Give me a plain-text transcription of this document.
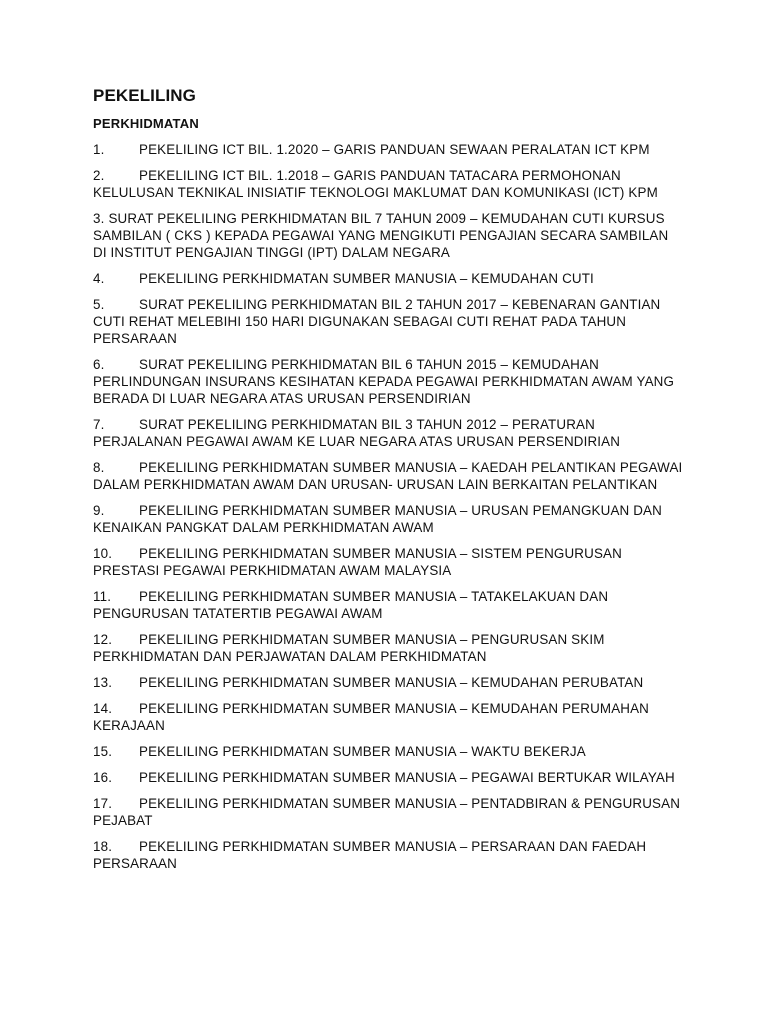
PEKELILING
PERKHIDMATAN
1.	PEKELILING ICT BIL. 1.2020 – GARIS PANDUAN SEWAAN PERALATAN ICT KPM
2.	PEKELILING ICT BIL. 1.2018 – GARIS PANDUAN TATACARA PERMOHONAN KELULUSAN TEKNIKAL INISIATIF TEKNOLOGI MAKLUMAT DAN KOMUNIKASI (ICT) KPM
3. SURAT PEKELILING PERKHIDMATAN BIL 7 TAHUN 2009 – KEMUDAHAN CUTI KURSUS SAMBILAN ( CKS ) KEPADA PEGAWAI YANG MENGIKUTI PENGAJIAN SECARA SAMBILAN DI INSTITUT PENGAJIAN TINGGI (IPT) DALAM NEGARA
4.	PEKELILING PERKHIDMATAN SUMBER MANUSIA – KEMUDAHAN CUTI
5.	SURAT PEKELILING PERKHIDMATAN BIL 2 TAHUN 2017 – KEBENARAN GANTIAN CUTI REHAT MELEBIHI 150 HARI DIGUNAKAN SEBAGAI CUTI REHAT PADA TAHUN PERSARAAN
6.	SURAT PEKELILING PERKHIDMATAN BIL 6 TAHUN 2015 – KEMUDAHAN PERLINDUNGAN INSURANS KESIHATAN KEPADA PEGAWAI PERKHIDMATAN AWAM YANG BERADA DI LUAR NEGARA ATAS URUSAN PERSENDIRIAN
7.	SURAT PEKELILING PERKHIDMATAN BIL 3 TAHUN 2012 – PERATURAN PERJALANAN PEGAWAI AWAM KE LUAR NEGARA ATAS URUSAN PERSENDIRIAN
8.	PEKELILING PERKHIDMATAN SUMBER MANUSIA – KAEDAH PELANTIKAN PEGAWAI DALAM PERKHIDMATAN AWAM DAN URUSAN- URUSAN LAIN BERKAITAN PELANTIKAN
9.	PEKELILING PERKHIDMATAN SUMBER MANUSIA – URUSAN PEMANGKUAN DAN KENAIKAN PANGKAT DALAM PERKHIDMATAN AWAM
10. PEKELILING PERKHIDMATAN SUMBER MANUSIA – SISTEM PENGURUSAN PRESTASI PEGAWAI PERKHIDMATAN AWAM MALAYSIA
11. PEKELILING PERKHIDMATAN SUMBER MANUSIA – TATAKELAKUAN DAN PENGURUSAN TATATERTIB PEGAWAI AWAM
12. PEKELILING PERKHIDMATAN SUMBER MANUSIA – PENGURUSAN SKIM PERKHIDMATAN DAN PERJAWATAN DALAM PERKHIDMATAN
13. PEKELILING PERKHIDMATAN SUMBER MANUSIA – KEMUDAHAN PERUBATAN
14. PEKELILING PERKHIDMATAN SUMBER MANUSIA – KEMUDAHAN PERUMAHAN KERAJAAN
15. PEKELILING PERKHIDMATAN SUMBER MANUSIA – WAKTU BEKERJA
16. PEKELILING PERKHIDMATAN SUMBER MANUSIA – PEGAWAI BERTUKAR WILAYAH
17. PEKELILING PERKHIDMATAN SUMBER MANUSIA – PENTADBIRAN & PENGURUSAN PEJABAT
18. PEKELILING PERKHIDMATAN SUMBER MANUSIA – PERSARAAN DAN FAEDAH PERSARAAN
